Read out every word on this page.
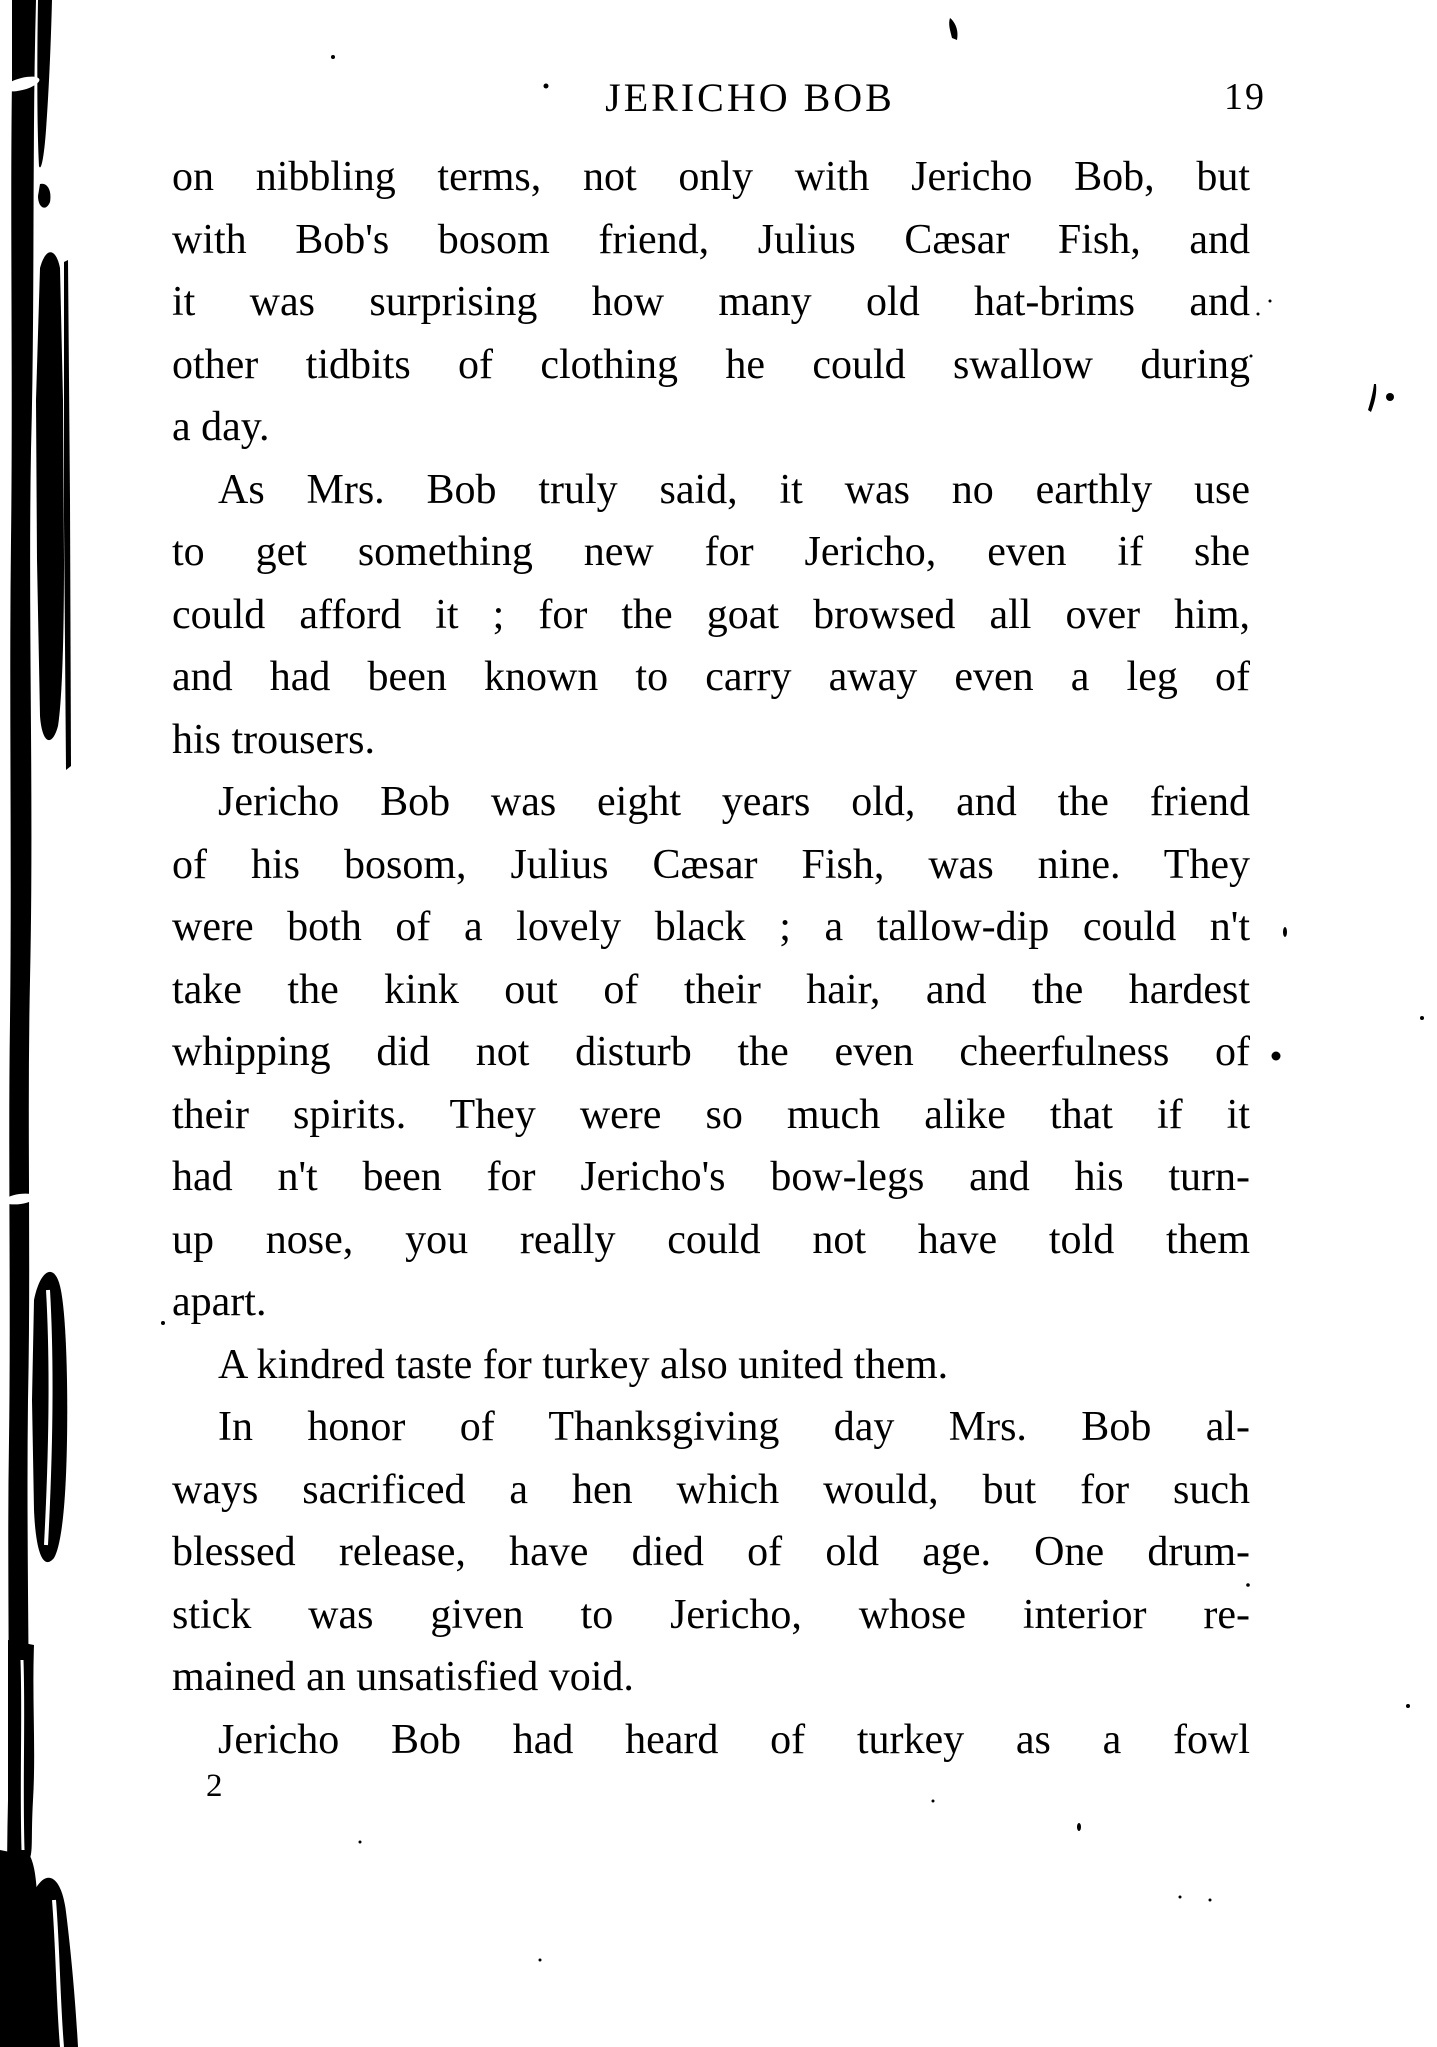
JERICHO BOB	19
on nibbling terms, not only with Jericho Bob, but
with Bob's bosom friend, Julius Cæsar Fish, and
it was surprising how many old hat-brims and
other tidbits of clothing he could swallow during
a day.
As Mrs. Bob truly said, it was no earthly use
to get something new for Jericho, even if she
could afford it ; for the goat browsed all over him,
and had been known to carry away even a leg of
his trousers.
Jericho Bob was eight years old, and the friend
of his bosom, Julius Cæsar Fish, was nine. They
were both of a lovely black ; a tallow-dip could n't
take the kink out of their hair, and the hardest
whipping did not disturb the even cheerfulness of
their spirits. They were so much alike that if it
had n't been for Jericho's bow-legs and his turn-
up nose, you really could not have told them
apart.
A kindred taste for turkey also united them.
In honor of Thanksgiving day Mrs. Bob al-
ways sacrificed a hen which would, but for such
blessed release, have died of old age. One drum-
stick was given to Jericho, whose interior re-
mained an unsatisfied void.
Jericho Bob had heard of turkey as a fowl
2
